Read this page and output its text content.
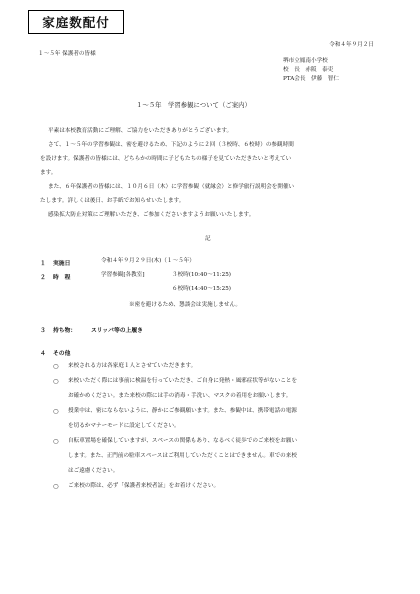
家庭数配付
令和４年９月２日
１～５年 保護者の皆様
堺市立鳳南小学校
校　長　赤阪　泰吏
PTA会長　伊藤　智仁
１～５年　学習参観について（ご案内）
平素は本校教育活動にご理解、ご協力をいただきありがとうございます。
さて、１～５年の学習参観は、密を避けるため、下記のように２回（３校時、６校時）の参観時間
を設けます。保護者の皆様には、どちらかの時間に子どもたちの様子を見ていただきたいと考えてい
ます。
また、６年保護者の皆様には、１０月６日（木）に学習参観（就縁会）と修学旅行説明会を開催い
たします。詳しくは後日、お手紙でお知らせいたします。
感染拡大防止対策にご理解いただき、ご参加くださいますようお願いいたします。
記
１ 実施日	令和４年９月２９日(木)（１～５年）
２ 時　程	学習参観[各教室]	３校時(10:40～11:25)
６校時(14:40～15:25)
※密を避けるため、懇談会は実施しません。
３ 持ち物：	スリッパ等の上履き
４ その他
○ 来校される方は各家庭１人とさせていただきます。
○ 来校いただく際には事前に検温を行っていただき、ご自身に発熱・風邪症状等がないことを
お確かめください。また来校の際には手の消毒・手洗い、マスクの着用をお願いします。
○ 授業中は、密にならないように、静かにご参観願います。また、参観中は、携帯電話の電源
を切るかマナーモードに設定してください。
○ 自転車置場を確保していますが、スペースの関係もあり、なるべく徒歩でのご来校をお願い
します。また、正門前の駐車スペースはご利用していただくことはできません。車での来校
はご遠慮ください。
○ ご来校の際は、必ず「保護者来校者証」をお着けください。
